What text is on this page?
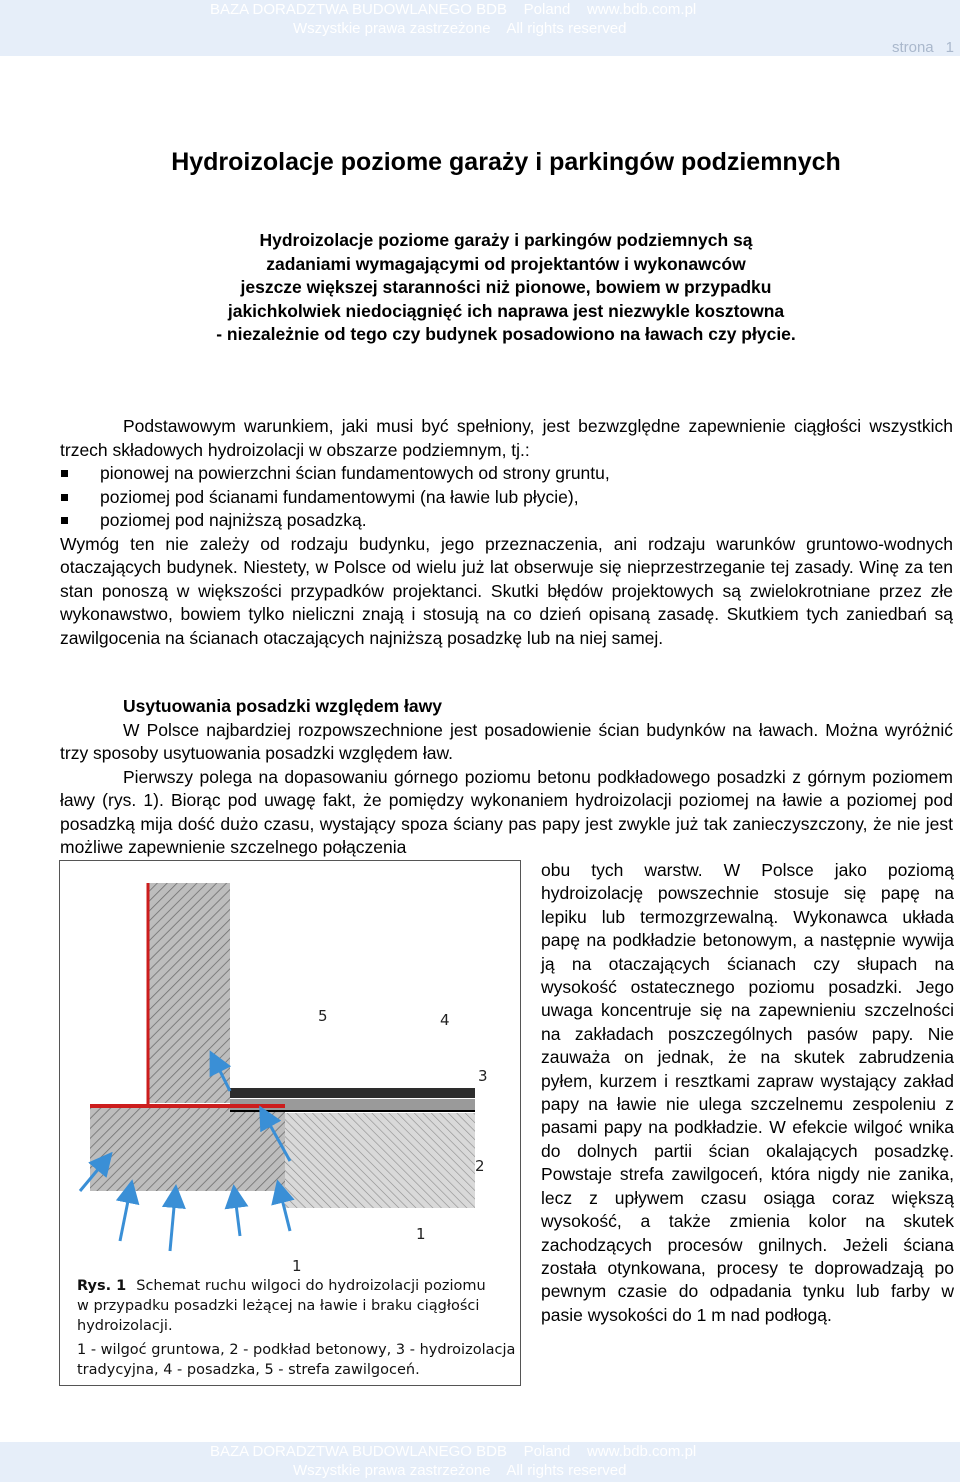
BAZA DORADZTWA BUDOWLANEGO BDB    Poland    www.bdb.com.pl
Wszystkie prawa zastrzeżone    All rights reserved
strona 1
Hydroizolacje poziome garaży i parkingów podziemnych
Hydroizolacje poziome garaży i parkingów podziemnych są
zadaniami wymagającymi od projektantów i wykonawców
jeszcze większej staranności niż pionowe, bowiem w przypadku
jakichkolwiek niedociągnięć ich naprawa jest niezwykle kosztowna
- niezależnie od tego czy budynek posadowiono na ławach czy płycie.
Podstawowym warunkiem, jaki musi być spełniony, jest bezwzględne zapewnienie ciągłości wszystkich trzech składowych hydroizolacji w obszarze podziemnym, tj.:
pionowej na powierzchni ścian fundamentowych od strony gruntu,
poziomej pod ścianami fundamentowymi (na ławie lub płycie),
poziomej pod najniższą posadzką.
Wymóg ten nie zależy od rodzaju budynku, jego przeznaczenia, ani rodzaju warunków gruntowo-wodnych otaczających budynek. Niestety, w Polsce od wielu już lat obserwuje się nieprzestrzeganie tej zasady. Winę za ten stan ponoszą w większości przypadków projektanci. Skutki błędów projektowych są zwielokrotniane przez złe wykonawstwo, bowiem tylko nieliczni znają i stosują na co dzień opisaną zasadę. Skutkiem tych zaniedbań są zawilgocenia na ścianach otaczających najniższą posadzkę lub na niej samej.
Usytuowania posadzki względem ławy
W Polsce najbardziej rozpowszechnione jest posadowienie ścian budynków na ławach. Można wyróżnić trzy sposoby usytuowania posadzki względem ław.
Pierwszy polega na dopasowaniu górnego poziomu betonu podkładowego posadzki z górnym poziomem ławy (rys. 1). Biorąc pod uwagę fakt, że pomiędzy wykonaniem hydroizolacji poziomej na ławie a poziomej pod posadzką mija dość dużo czasu, wystający spoza ściany pas papy jest zwykle już tak zanieczyszczony, że nie jest możliwe zapewnienie szczelnego połączenia
obu tych warstw. W Polsce jako poziomą hydroizolację powszechnie stosuje się papę na lepiku lub termozgrzewalną. Wykonawca układa papę na podkładzie betonowym, a następnie wywija ją na otaczających ścianach czy słupach na wysokość ostatecznego poziomu posadzki. Jego uwaga koncentruje się na zapewnieniu szczelności na zakładach poszczególnych pasów papy. Nie zauważa on jednak, że na skutek zabrudzenia pyłem, kurzem i resztkami zapraw wystający zakład papy na ławie nie ulega szczelnemu zespoleniu z pasami papy na podkładzie. W efekcie wilgoć wnika do dolnych partii ścian okalających posadzkę. Powstaje strefa zawilgoceń, która nigdy nie zanika, lecz z upływem czasu osiąga coraz większą wysokość, a także zmienia kolor na skutek zachodzących procesów gnilnych. Jeżeli ściana została otynkowana, procesy te doprowadzają po pewnym czasie do odpadania tynku lub farby w pasie wysokości do 1 m nad podłogą.
5	4
3
2
1
1
Rys. 1 Schemat ruchu wilgoci do hydroizolacji poziomu
w przypadku posadzki leżącej na ławie i braku ciągłości
hydroizolacji.
1 - wilgoć gruntowa, 2 - podkład betonowy, 3 - hydroizolacja
tradycyjna, 4 - posadzka, 5 - strefa zawilgoceń.
BAZA DORADZTWA BUDOWLANEGO BDB    Poland    www.bdb.com.pl
Wszystkie prawa zastrzeżone    All rights reserved
